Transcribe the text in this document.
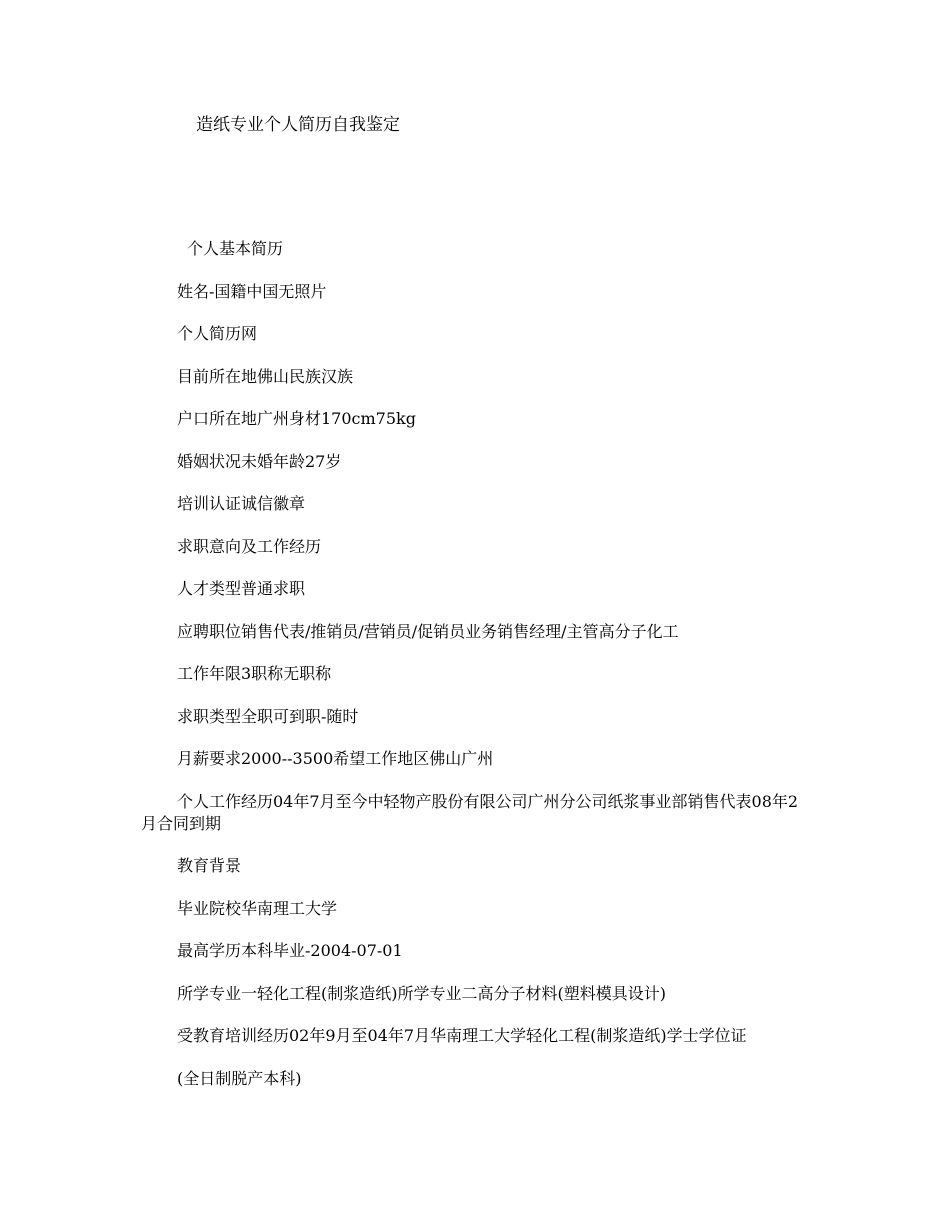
造纸专业个人简历自我鉴定

个人基本简历

姓名-国籍中国无照片

个人简历网

目前所在地佛山民族汉族

户口所在地广州身材170cm75kg

婚姻状况未婚年龄27岁

培训认证诚信徽章

求职意向及工作经历

人才类型普通求职

应聘职位销售代表/推销员/营销员/促销员业务销售经理/主管高分子化工

工作年限3职称无职称

求职类型全职可到职-随时

月薪要求2000--3500希望工作地区佛山广州

个人工作经历04年7月至今中轻物产股份有限公司广州分公司纸浆事业部销售代表08年2月合同到期

教育背景

毕业院校华南理工大学

最高学历本科毕业-2004-07-01

所学专业一轻化工程(制浆造纸)所学专业二高分子材料(塑料模具设计)

受教育培训经历02年9月至04年7月华南理工大学轻化工程(制浆造纸)学士学位证

(全日制脱产本科)
